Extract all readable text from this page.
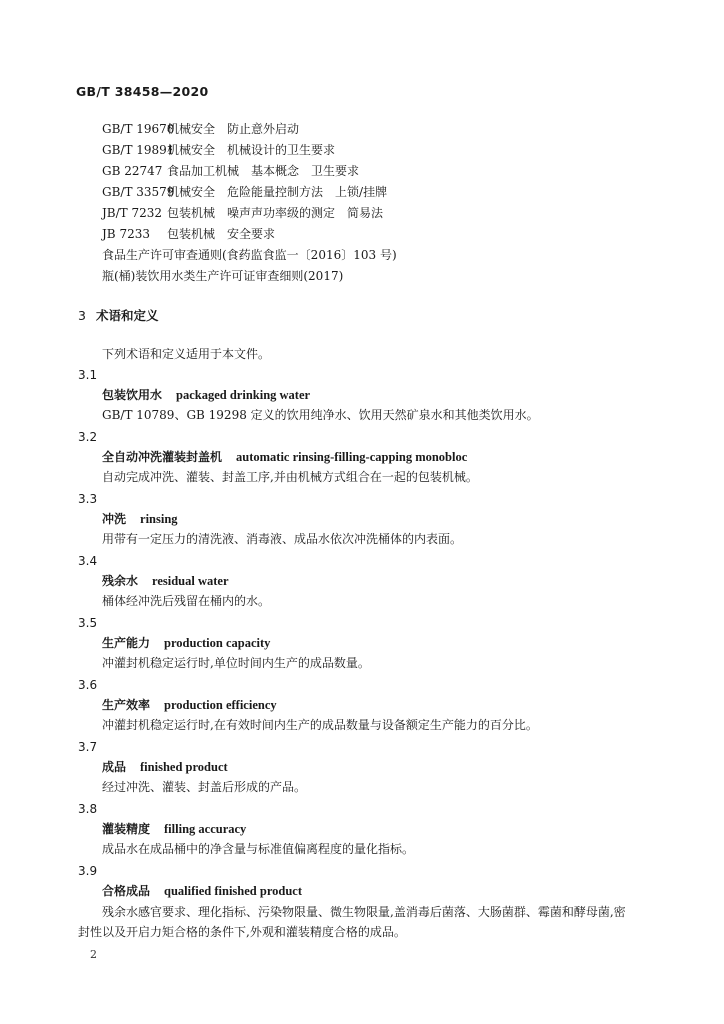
GB/T 38458—2020
GB/T 19670机械安全 防止意外启动
GB/T 19891机械安全 机械设计的卫生要求
GB 22747 食品加工机械 基本概念 卫生要求
GB/T 33579机械安全 危险能量控制方法 上锁/挂牌
JB/T 7232 包装机械 噪声声功率级的测定 简易法
JB 7233 包装机械 安全要求
食品生产许可审查通则(食药监食监一〔2016〕103 号)
瓶(桶)装饮用水类生产许可证审查细则(2017)
3 术语和定义
下列术语和定义适用于本文件。
3.1
包装饮用水 packaged drinking water
GB/T 10789、GB 19298 定义的饮用纯净水、饮用天然矿泉水和其他类饮用水。
3.2
全自动冲洗灌装封盖机 automatic rinsing-filling-capping monobloc
自动完成冲洗、灌装、封盖工序,并由机械方式组合在一起的包装机械。
3.3
冲洗 rinsing
用带有一定压力的清洗液、消毒液、成品水依次冲洗桶体的内表面。
3.4
残余水 residual water
桶体经冲洗后残留在桶内的水。
3.5
生产能力 production capacity
冲灌封机稳定运行时,单位时间内生产的成品数量。
3.6
生产效率 production efficiency
冲灌封机稳定运行时,在有效时间内生产的成品数量与设备额定生产能力的百分比。
3.7
成品 finished product
经过冲洗、灌装、封盖后形成的产品。
3.8
灌装精度 filling accuracy
成品水在成品桶中的净含量与标准值偏离程度的量化指标。
3.9
合格成品 qualified finished product
残余水感官要求、理化指标、污染物限量、微生物限量,盖消毒后菌落、大肠菌群、霉菌和酵母菌,密
封性以及开启力矩合格的条件下,外观和灌装精度合格的成品。
2
